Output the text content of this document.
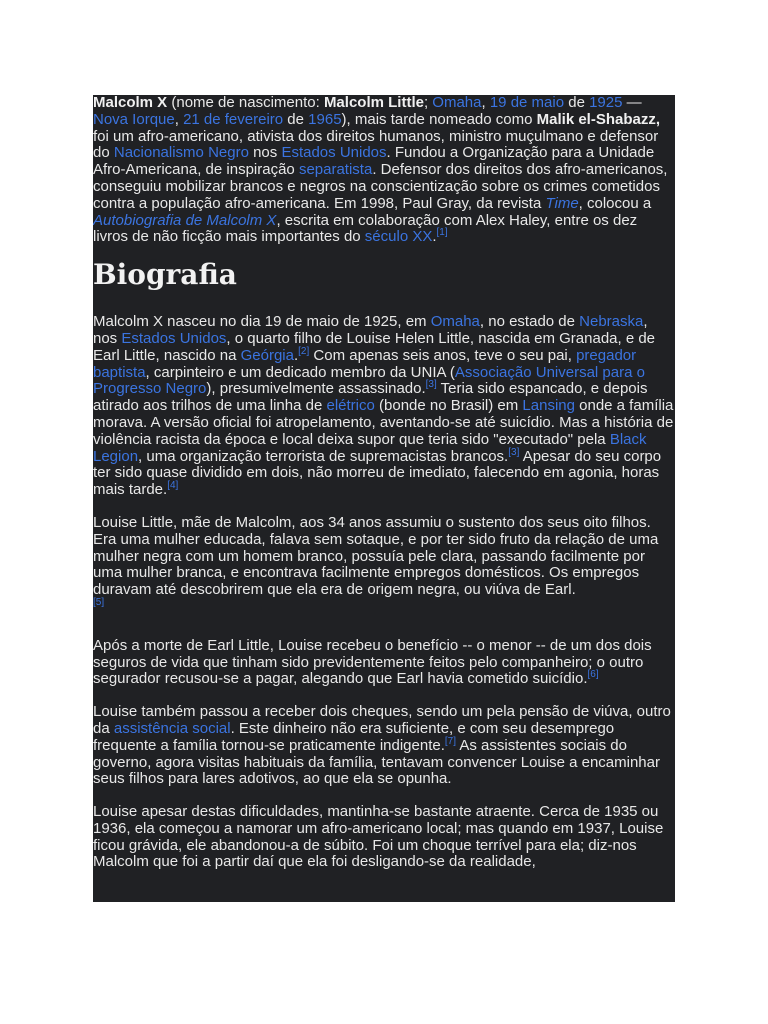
Malcolm X (nome de nascimento: Malcolm Little; Omaha, 19 de maio de 1925 — Nova Iorque, 21 de fevereiro de 1965), mais tarde nomeado como Malik el-Shabazz, foi um afro-americano, ativista dos direitos humanos, ministro muçulmano e defensor do Nacionalismo Negro nos Estados Unidos. Fundou a Organização para a Unidade Afro-Americana, de inspiração separatista. Defensor dos direitos dos afro-americanos, conseguiu mobilizar brancos e negros na conscientização sobre os crimes cometidos contra a população afro-americana. Em 1998, Paul Gray, da revista Time, colocou a Autobiografia de Malcolm X, escrita em colaboração com Alex Haley, entre os dez livros de não ficção mais importantes do século XX.[1]

Biografia

Malcolm X nasceu no dia 19 de maio de 1925, em Omaha, no estado de Nebraska, nos Estados Unidos, o quarto filho de Louise Helen Little, nascida em Granada, e de Earl Little, nascido na Geórgia.[2] Com apenas seis anos, teve o seu pai, pregador baptista, carpinteiro e um dedicado membro da UNIA (Associação Universal para o Progresso Negro), presumivelmente assassinado.[3] Teria sido espancado, e depois atirado aos trilhos de uma linha de elétrico (bonde no Brasil) em Lansing onde a família morava. A versão oficial foi atropelamento, aventando-se até suicídio. Mas a história de violência racista da época e local deixa supor que teria sido "executado" pela Black Legion, uma organização terrorista de supremacistas brancos.[3] Apesar do seu corpo ter sido quase dividido em dois, não morreu de imediato, falecendo em agonia, horas mais tarde.[4]

Louise Little, mãe de Malcolm, aos 34 anos assumiu o sustento dos seus oito filhos. Era uma mulher educada, falava sem sotaque, e por ter sido fruto da relação de uma mulher negra com um homem branco, possuía pele clara, passando facilmente por uma mulher branca, e encontrava facilmente empregos domésticos. Os empregos duravam até descobrirem que ela era de origem negra, ou viúva de Earl.
[5]

Após a morte de Earl Little, Louise recebeu o benefício -- o menor -- de um dos dois seguros de vida que tinham sido previdentemente feitos pelo companheiro; o outro segurador recusou-se a pagar, alegando que Earl havia cometido suicídio.[6]

Louise também passou a receber dois cheques, sendo um pela pensão de viúva, outro da assistência social. Este dinheiro não era suficiente, e com seu desemprego frequente a família tornou-se praticamente indigente.[7] As assistentes sociais do governo, agora visitas habituais da família, tentavam convencer Louise a encaminhar seus filhos para lares adotivos, ao que ela se opunha.

Louise apesar destas dificuldades, mantinha-se bastante atraente. Cerca de 1935 ou 1936, ela começou a namorar um afro-americano local; mas quando em 1937, Louise ficou grávida, ele abandonou-a de súbito. Foi um choque terrível para ela; diz-nos Malcolm que foi a partir daí que ela foi desligando-se da realidade,
